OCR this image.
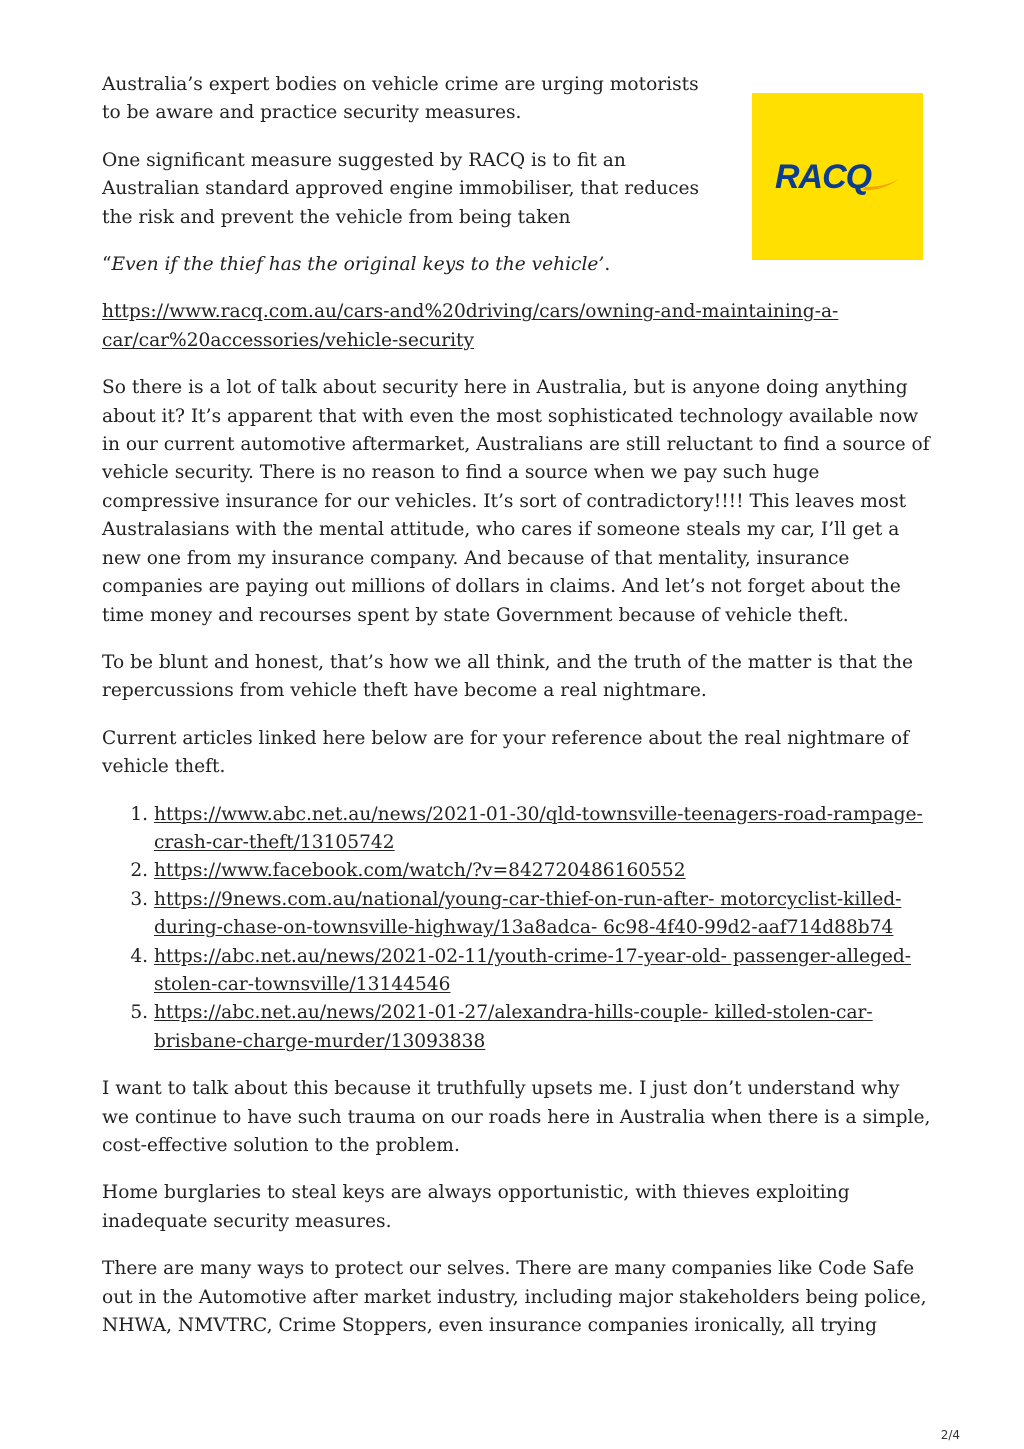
RACQ

Australia’s expert bodies on vehicle crime are urging motorists to be aware and practice security measures.

One significant measure suggested by RACQ is to fit an Australian standard approved engine immobiliser, that reduces the risk and prevent the vehicle from being taken

“Even if the thief has the original keys to the vehicle’.

https://www.racq.com.au/cars-and%20driving/cars/owning-and-maintaining-a-car/car%20accessories/vehicle-security

So there is a lot of talk about security here in Australia, but is anyone doing anything about it? It’s apparent that with even the most sophisticated technology available now in our current automotive aftermarket, Australians are still reluctant to find a source of vehicle security. There is no reason to find a source when we pay such huge compressive insurance for our vehicles. It’s sort of contradictory!!!! This leaves most Australasians with the mental attitude, who cares if someone steals my car, I’ll get a new one from my insurance company. And because of that mentality, insurance companies are paying out millions of dollars in claims. And let’s not forget about the time money and recourses spent by state Government because of vehicle theft.

To be blunt and honest, that’s how we all think, and the truth of the matter is that the repercussions from vehicle theft have become a real nightmare.

Current articles linked here below are for your reference about the real nightmare of vehicle theft.

1. https://www.abc.net.au/news/2021-01-30/qld-townsville-teenagers-road-rampage-crash-car-theft/13105742
2. https://www.facebook.com/watch/?v=842720486160552
3. https://9news.com.au/national/young-car-thief-on-run-after- motorcyclist-killed-during-chase-on-townsville-highway/13a8adca- 6c98-4f40-99d2-aaf714d88b74
4. https://abc.net.au/news/2021-02-11/youth-crime-17-year-old- passenger-alleged-stolen-car-townsville/13144546
5. https://abc.net.au/news/2021-01-27/alexandra-hills-couple- killed-stolen-car-brisbane-charge-murder/13093838

I want to talk about this because it truthfully upsets me. I just don’t understand why we continue to have such trauma on our roads here in Australia when there is a simple, cost-effective solution to the problem.

Home burglaries to steal keys are always opportunistic, with thieves exploiting inadequate security measures.

There are many ways to protect our selves. There are many companies like Code Safe out in the Automotive after market industry, including major stakeholders being police, NHWA, NMVTRC, Crime Stoppers, even insurance companies ironically, all trying

2/4
